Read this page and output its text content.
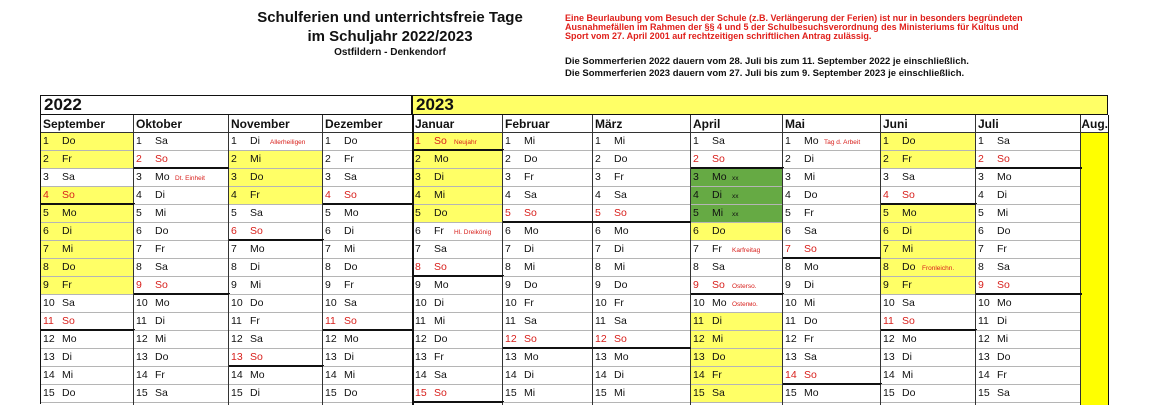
Schulferien und unterrichtsfreie Tage
im Schuljahr 2022/2023
Ostfildern - Denkendorf
Eine Beurlaubung vom Besuch der Schule (z.B. Verlängerung der Ferien) ist nur in besonders begründeten Ausnahmefällen im Rahmen der §§ 4 und 5 der Schulbesuchsverordnung des Ministeriums für Kultus und Sport vom 27. April 2001 auf rechtzeitigen schriftlichen Antrag zulässig.
Die Sommerferien 2022 dauern vom 28. Juli bis zum 11. September 2022 je einschließlich.
Die Sommerferien 2023 dauern vom 27. Juli bis zum 9. September 2023 je einschließlich.
2022	2023
Aug.
September
1 Do
2 Fr
3 Sa
4 So
5 Mo
6 Di
7 Mi
8 Do
9 Fr
10 Sa
11 So
12 Mo
13 Di
14 Mi
15 Do
Oktober
1 Sa
2 So
3 Mo Dt. Einheit
4 Di
5 Mi
6 Do
7 Fr
8 Sa
9 So
10 Mo
11 Di
12 Mi
13 Do
14 Fr
15 Sa
November
1 Di Allerheiligen
2 Mi
3 Do
4 Fr
5 Sa
6 So
7 Mo
8 Di
9 Mi
10 Do
11 Fr
12 Sa
13 So
14 Mo
15 Di
Dezember
1 Do
2 Fr
3 Sa
4 So
5 Mo
6 Di
7 Mi
8 Do
9 Fr
10 Sa
11 So
12 Mo
13 Di
14 Mi
15 Do
Januar
1 So Neujahr
2 Mo
3 Di
4 Mi
5 Do
6 Fr Hl. Dreikönig
7 Sa
8 So
9 Mo
10 Di
11 Mi
12 Do
13 Fr
14 Sa
15 So
Februar
1 Mi
2 Do
3 Fr
4 Sa
5 So
6 Mo
7 Di
8 Mi
9 Do
10 Fr
11 Sa
12 So
13 Mo
14 Di
15 Mi
März
1 Mi
2 Do
3 Fr
4 Sa
5 So
6 Mo
7 Di
8 Mi
9 Do
10 Fr
11 Sa
12 So
13 Mo
14 Di
15 Mi
April
1 Sa
2 So
3 Mo xx
4 Di xx
5 Mi xx
6 Do
7 Fr Karfreitag
8 Sa
9 So Ostersо.
10 Mo Osterмo.
11 Di
12 Mi
13 Do
14 Fr
15 Sa
Mai
1 Mo Tag d. Arbeit
2 Di
3 Mi
4 Do
5 Fr
6 Sa
7 So
8 Mo
9 Di
10 Mi
11 Do
12 Fr
13 Sa
14 So
15 Mo
Juni
1 Do
2 Fr
3 Sa
4 So
5 Mo
6 Di
7 Mi
8 Do Fronleichn.
9 Fr
10 Sa
11 So
12 Mo
13 Di
14 Mi
15 Do
Juli
1 Sa
2 So
3 Mo
4 Di
5 Mi
6 Do
7 Fr
8 Sa
9 So
10 Mo
11 Di
12 Mi
13 Do
14 Fr
15 Sa
